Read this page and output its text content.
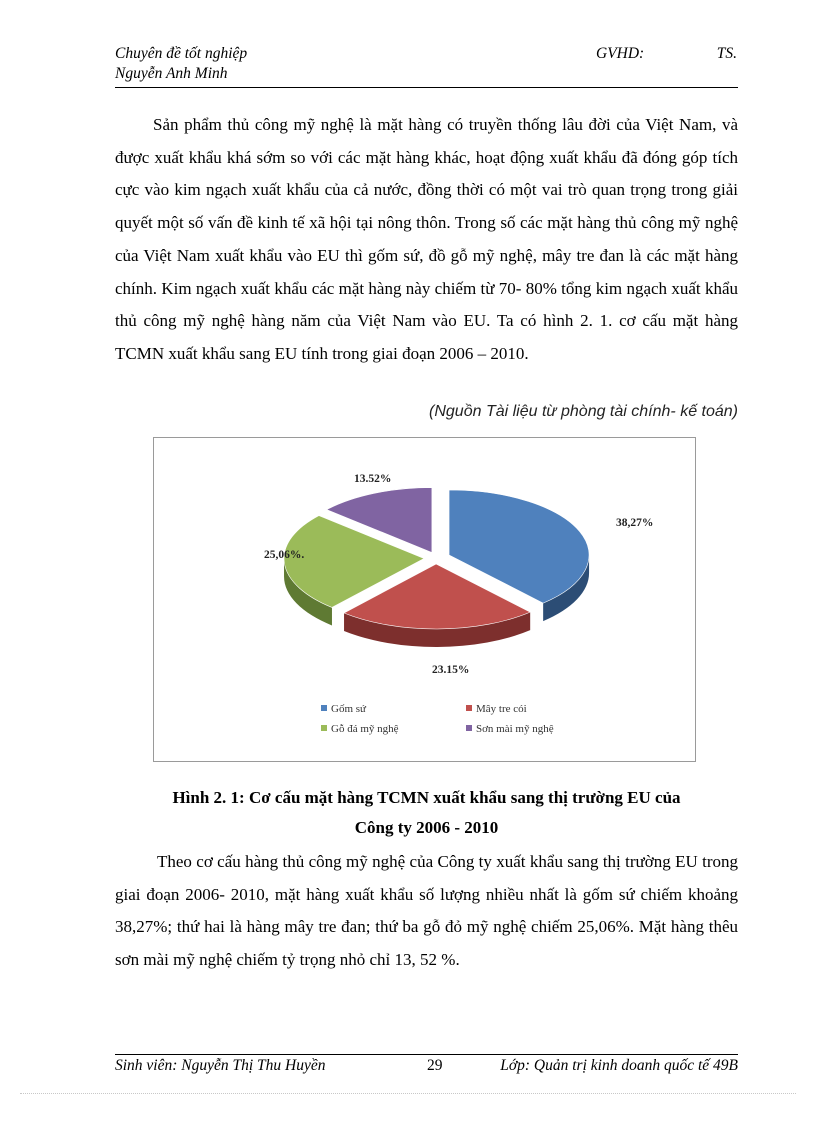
Chuyên đề tốt nghiệp	GVHD:	TS.
Nguyễn Anh Minh

Sản phẩm thủ công mỹ nghệ là mặt hàng có truyền thống lâu đời của Việt Nam, và được xuất khẩu khá sớm so với các mặt hàng khác, hoạt động xuất khẩu đã đóng góp tích cực vào kim ngạch xuất khẩu của cả nước, đồng thời có một vai trò quan trọng trong giải quyết một số vấn đề kinh tế xã hội tại nông thôn. Trong số các mặt hàng thủ công mỹ nghệ của Việt Nam xuất khẩu vào EU thì gốm sứ, đồ gỗ mỹ nghệ, mây tre đan là các mặt hàng chính. Kim ngạch xuất khẩu các mặt hàng này chiếm từ 70- 80% tổng kim ngạch xuất khẩu thủ công mỹ nghệ hàng năm của Việt Nam vào EU. Ta có hình 2. 1. cơ cấu mặt hàng TCMN xuất khẩu sang EU tính trong giai đoạn 2006 – 2010.

(Nguồn Tài liệu từ phòng tài chính- kế toán)
38,27%
23.15%
25,06%.
13.52%
Gốm sứ	Mây tre cói
Gỗ đá mỹ nghệ	Sơn mài mỹ nghệ
Hình 2. 1: Cơ cấu mặt hàng TCMN xuất khẩu sang thị trường EU của
Công ty 2006 - 2010

Theo cơ cấu hàng thủ công mỹ nghệ của Công ty xuất khẩu sang thị trường EU trong giai đoạn 2006- 2010, mặt hàng xuất khẩu số lượng nhiều nhất là gốm sứ chiếm khoảng 38,27%; thứ hai là hàng mây tre đan; thứ ba gỗ đỏ mỹ nghệ chiếm 25,06%. Mặt hàng thêu sơn mài mỹ nghệ chiếm tỷ trọng nhỏ chỉ 13, 52 %.

Sinh viên: Nguyễn Thị Thu Huyền	29	Lớp: Quản trị kinh doanh quốc tế 49B
